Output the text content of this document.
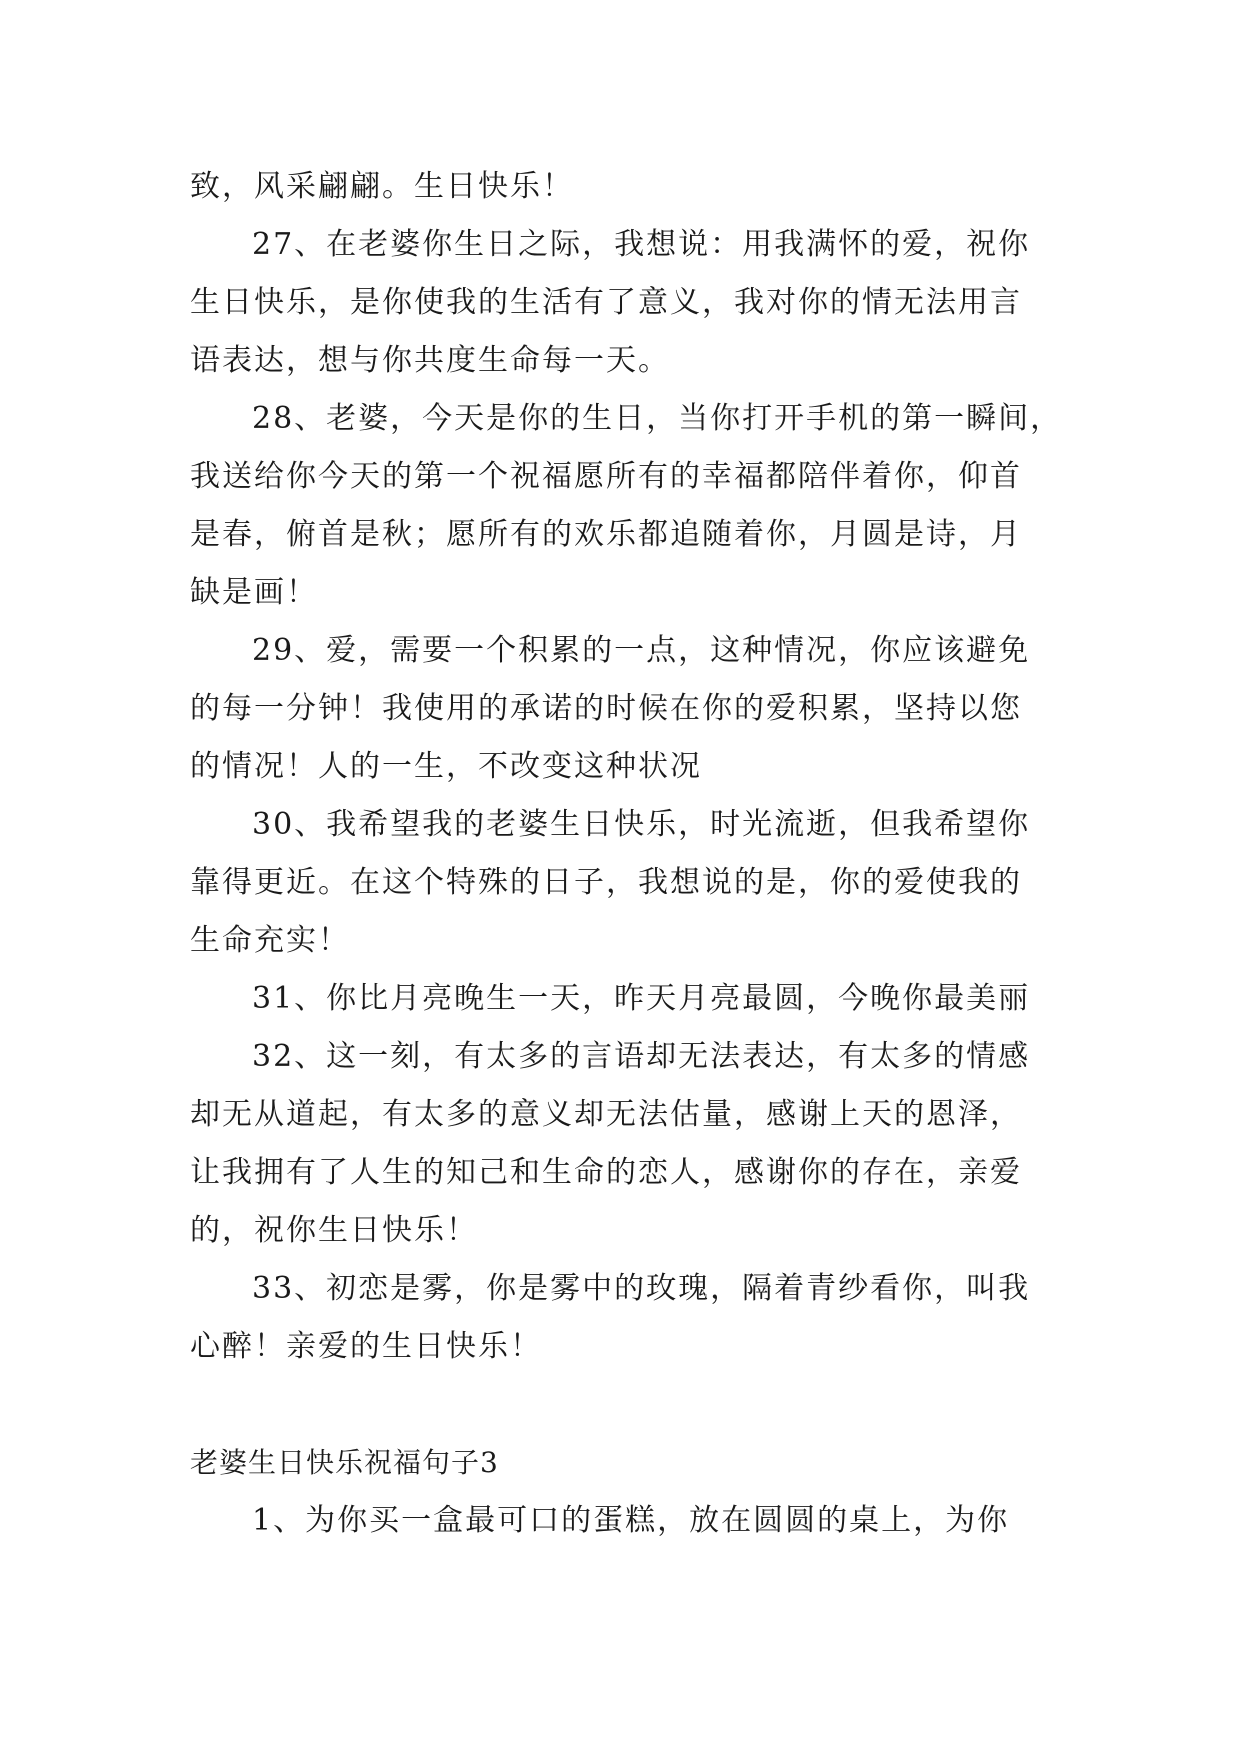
致，风采翩翩。生日快乐！

27、在老婆你生日之际，我想说：用我满怀的爱，祝你
生日快乐，是你使我的生活有了意义，我对你的情无法用言
语表达，想与你共度生命每一天。

28、老婆，今天是你的生日，当你打开手机的第一瞬间，
我送给你今天的第一个祝福愿所有的幸福都陪伴着你，仰首
是春，俯首是秋；愿所有的欢乐都追随着你，月圆是诗，月
缺是画！

29、爱，需要一个积累的一点，这种情况，你应该避免
的每一分钟！我使用的承诺的时候在你的爱积累，坚持以您
的情况！人的一生，不改变这种状况

30、我希望我的老婆生日快乐，时光流逝，但我希望你
靠得更近。在这个特殊的日子，我想说的是，你的爱使我的
生命充实！

31、你比月亮晚生一天，昨天月亮最圆，今晚你最美丽

32、这一刻，有太多的言语却无法表达，有太多的情感
却无从道起，有太多的意义却无法估量，感谢上天的恩泽，
让我拥有了人生的知己和生命的恋人，感谢你的存在，亲爱
的，祝你生日快乐！

33、初恋是雾，你是雾中的玫瑰，隔着青纱看你，叫我
心醉！亲爱的生日快乐！

老婆生日快乐祝福句子3

1、为你买一盒最可口的蛋糕，放在圆圆的桌上，为你
